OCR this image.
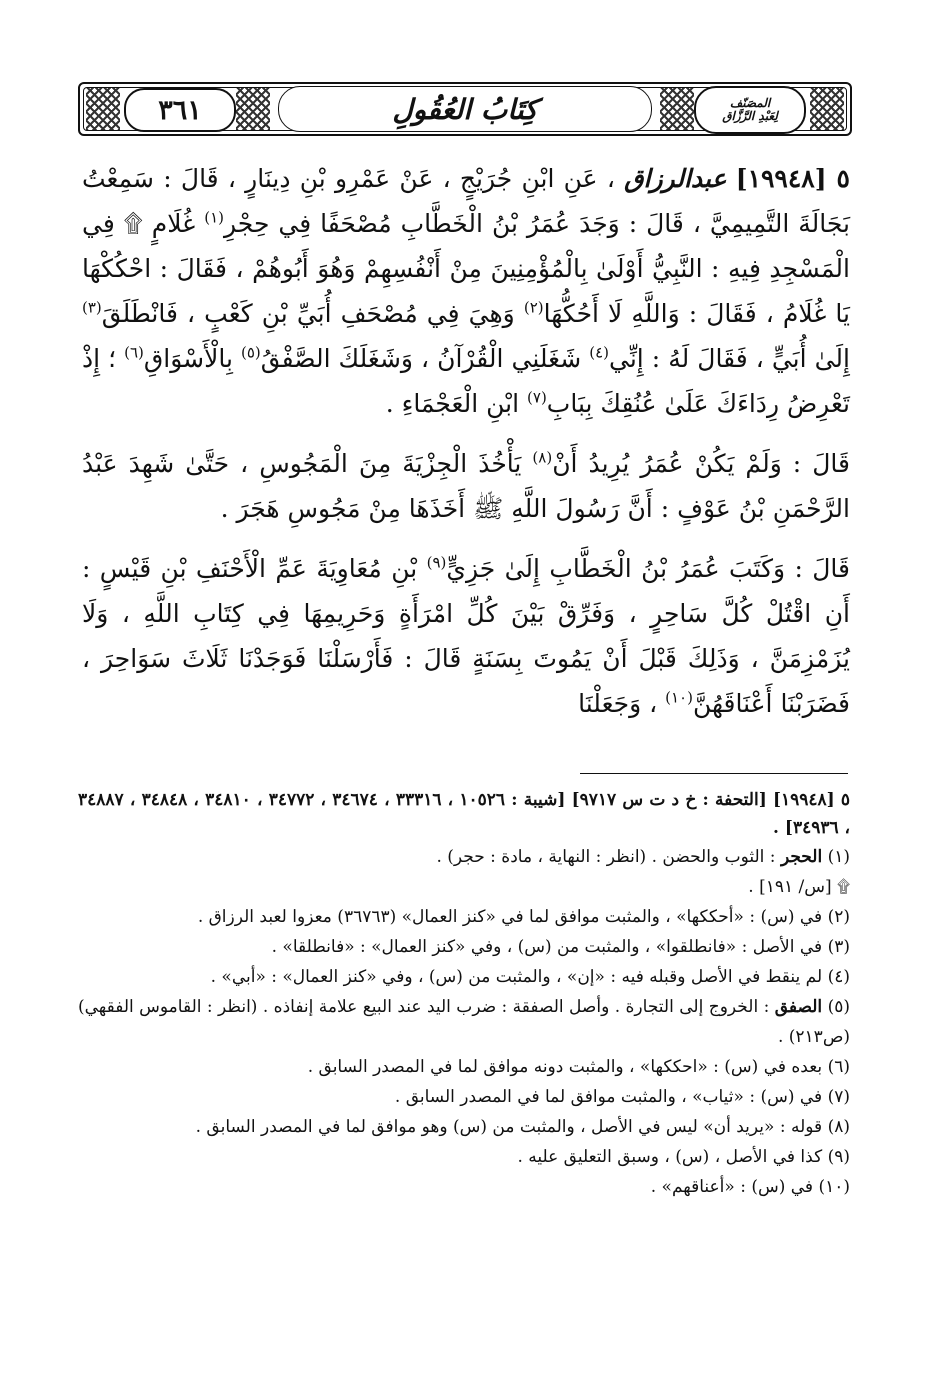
المصَنّف
لِعَبْدِ الرَّزَّاق
كِتَابُ العُقُولِ
٣٦١

٥ [١٩٩٤٨] عبدالرزاق ، عَنِ ابْنِ جُرَيْجٍ ، عَنْ عَمْرِو بْنِ دِينَارٍ ، قَالَ : سَمِعْتُ بَجَالَةَ التَّمِيمِيَّ ، قَالَ : وَجَدَ عُمَرُ بْنُ الْخَطَّابِ مُصْحَفًا فِي حِجْرِ$^{(١)}$ غُلَامٍ ۩ فِي الْمَسْجِدِ فِيهِ : النَّبِيُّ أَوْلَىٰ بِالْمُؤْمِنِينَ مِنْ أَنْفُسِهِمْ وَهُوَ أَبُوهُمْ ، فَقَالَ : احْكُكْهَا يَا غُلَامُ ، فَقَالَ : وَاللَّهِ لَا أَحُكُّهَا$^{(٢)}$ وَهِيَ فِي مُصْحَفِ أُبَيِّ بْنِ كَعْبٍ ، فَانْطَلَقَ$^{(٣)}$ إِلَىٰ أُبَيٍّ ، فَقَالَ لَهُ : إِنِّي$^{(٤)}$ شَغَلَنِي الْقُرْآنُ ، وَشَغَلَكَ الصَّفْقُ$^{(٥)}$ بِالْأَسْوَاقِ$^{(٦)}$ ؛ إِذْ تَعْرِضُ رِدَاءَكَ عَلَىٰ عُنُقِكَ بِبَابِ$^{(٧)}$ ابْنِ الْعَجْمَاءِ .

قَالَ : وَلَمْ يَكُنْ عُمَرُ يُرِيدُ أَنْ$^{(٨)}$ يَأْخُذَ الْجِزْيَةَ مِنَ الْمَجُوسِ ، حَتَّىٰ شَهِدَ عَبْدُ الرَّحْمَنِ بْنُ عَوْفٍ : أَنَّ رَسُولَ اللَّهِ ﷺ أَخَذَهَا مِنْ مَجُوسِ هَجَرَ .

قَالَ : وَكَتَبَ عُمَرُ بْنُ الْخَطَّابِ إِلَىٰ جَزِيٍّ$^{(٩)}$ بْنِ مُعَاوِيَةَ عَمِّ الْأَحْنَفِ بْنِ قَيْسٍ : أَنِ اقْتُلْ كُلَّ سَاحِرٍ ، وَفَرِّقْ بَيْنَ كُلِّ امْرَأَةٍ وَحَرِيمِهَا فِي كِتَابِ اللَّهِ ، وَلَا يُزَمْزِمَنَّ ، وَذَلِكَ قَبْلَ أَنْ يَمُوتَ بِسَنَةٍ قَالَ : فَأَرْسَلْنَا فَوَجَدْنَا ثَلَاثَ سَوَاحِرَ ، فَضَرَبْنَا أَعْنَاقَهُنَّ$^{(١٠)}$ ، وَجَعَلْنَا

٥ [١٩٩٤٨] [التحفة : خ د ت س ٩٧١٧] [شيبة : ١٠٥٢٦ ، ٣٣٣١٦ ، ٣٤٦٧٤ ، ٣٤٧٧٢ ، ٣٤٨١٠ ، ٣٤٨٤٨ ، ٣٤٨٨٧ ، ٣٤٩٣٦] .

(١) الحجر : الثوب والحضن . (انظر : النهاية ، مادة : حجر) .

۩ [س/ ١٩١] .

(٢) في (س) : «أحككها» ، والمثبت موافق لما في «كنز العمال» (٣٦٧٦٣) معزوا لعبد الرزاق .

(٣) في الأصل : «فانطلقوا» ، والمثبت من (س) ، وفي «كنز العمال» : «فانطلقا» .

(٤) لم ينقط في الأصل وقبله فيه : «إن» ، والمثبت من (س) ، وفي «كنز العمال» : «أبي» .

(٥) الصفق : الخروج إلى التجارة . وأصل الصفقة : ضرب اليد عند البيع علامة إنفاذه . (انظر : القاموس الفقهي) (ص٢١٣) .

(٦) بعده في (س) : «احككها» ، والمثبت دونه موافق لما في المصدر السابق .

(٧) في (س) : «ثياب» ، والمثبت موافق لما في المصدر السابق .

(٨) قوله : «يريد أن» ليس في الأصل ، والمثبت من (س) وهو موافق لما في المصدر السابق .

(٩) كذا في الأصل ، (س) ، وسبق التعليق عليه .

(١٠) في (س) : «أعناقهم» .
